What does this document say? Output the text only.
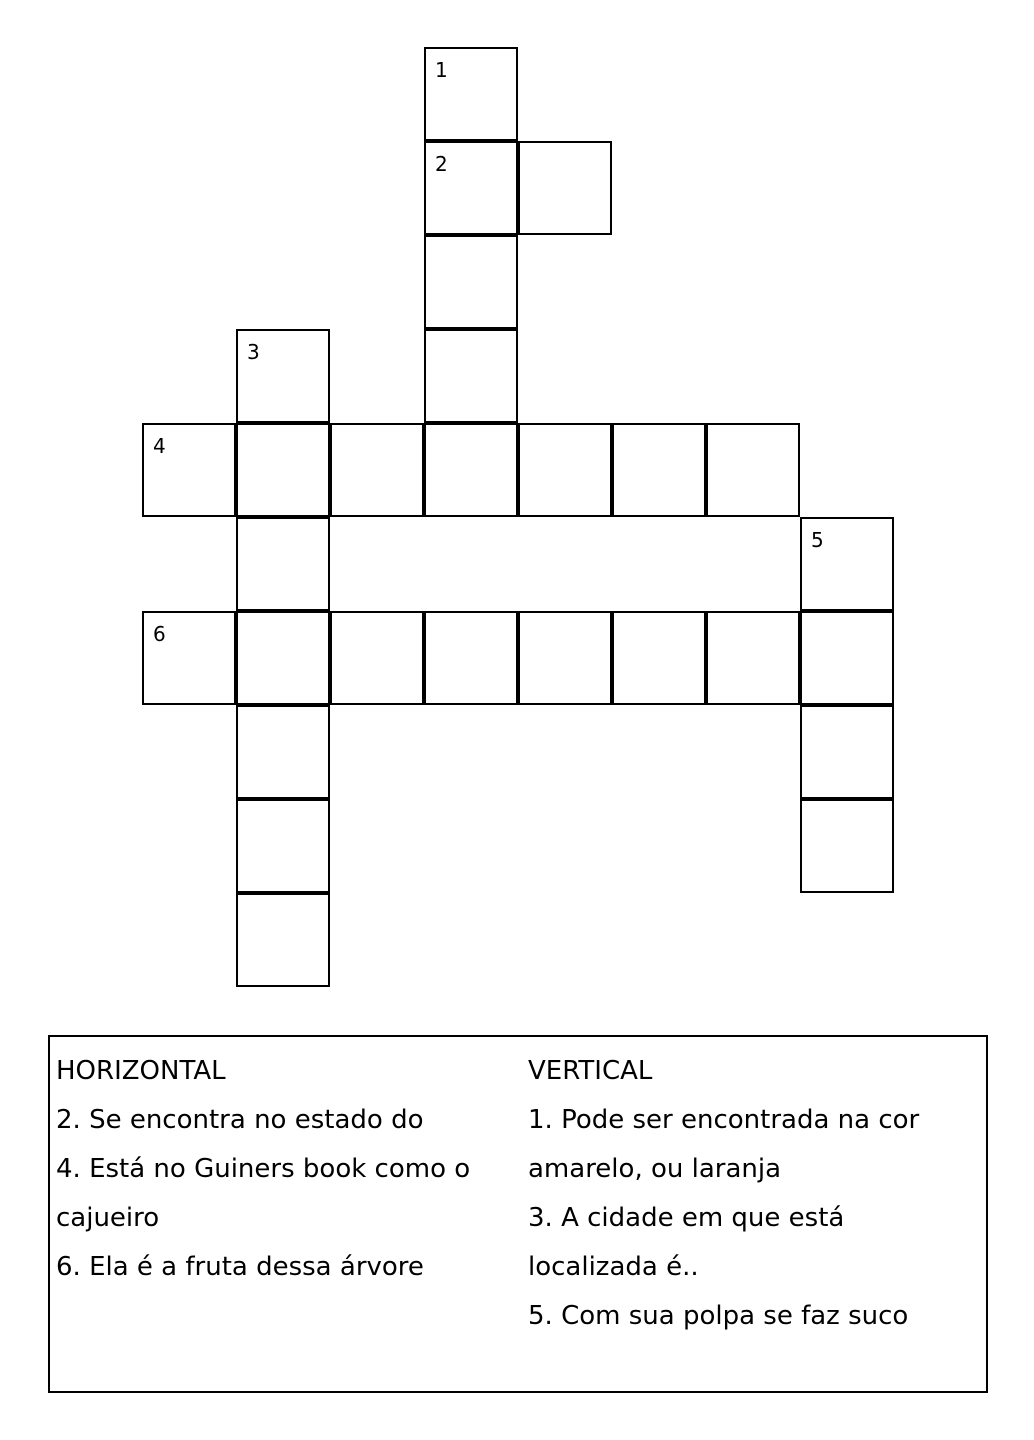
1
2
3
4
5
6
HORIZONTAL
2. Se encontra no estado do
4. Está no Guiners book como o
cajueiro
6. Ela é a fruta dessa árvore
VERTICAL
1. Pode ser encontrada na cor
amarelo, ou laranja
3. A cidade em que está
localizada é..
5. Com sua polpa se faz suco
